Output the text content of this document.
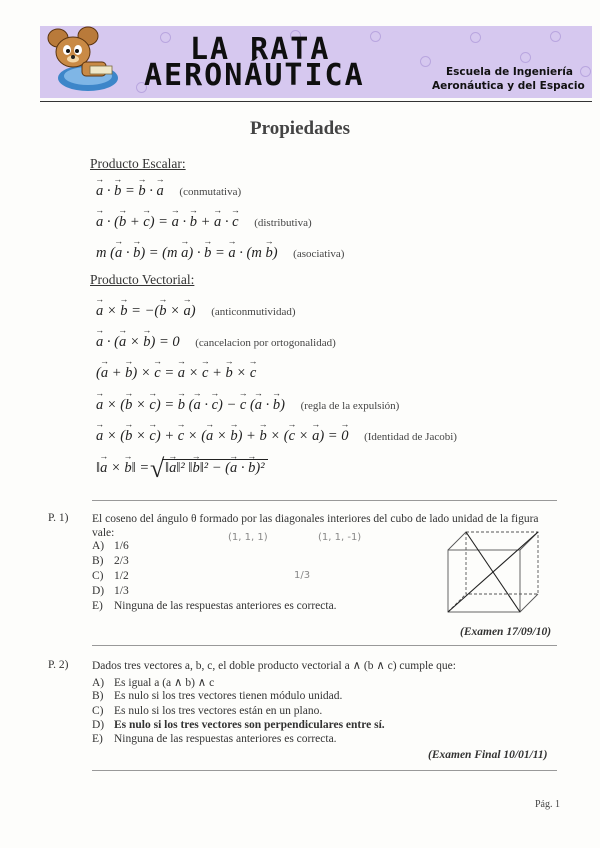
LA RATA
AERONÁUTICA	Escuela de Ingeniería
Aeronáutica y del Espacio
Propiedades
Producto Escalar:
→ a · → b = → b · → a (conmutativa)
→ a · (→ b + → c) = → a · → b + → a · → c (distributiva)
m (→ a · → b) = (m → a) · → b = → a · (m → b) (asociativa)
Producto Vectorial:
→ a × → b = −(→ b × → a) (anticonmutividad)
→ a · (→ a × → b) = 0 (cancelacion por ortogonalidad)
(→ a + → b) × → c = → a × → c + → b × → c
→ a × (→ b × → c) = → b (→ a · → c) − → c (→ a · → b) (regla de la expulsión)
→ a × (→ b × → c) + → c × (→ a × → b) + → b × (→ c × → a) = → 0 (Identidad de Jacobi)
‖→ a × → b‖ =   √ ‖→ a‖² ‖→ b‖² − (→ a · → b)²
P. 1) El coseno del ángulo θ formado por las diagonales interiores del cubo de lado unidad de la figura vale:
A) 1/6
B) 2/3
C) 1/2
D) 1/3
E) Ninguna de las respuestas anteriores es correcta.
(1, 1, 1)	(1, 1, -1)
1/3
(Examen 17/09/10)
P. 2) Dados tres vectores a, b, c, el doble producto vectorial a ∧ (b ∧ c) cumple que:
A) Es igual a (a ∧ b) ∧ c
B) Es nulo si los tres vectores tienen módulo unidad.
C) Es nulo si los tres vectores están en un plano.
D) Es nulo si los tres vectores son perpendiculares entre sí.
E) Ninguna de las respuestas anteriores es correcta.
(Examen Final 10/01/11)
Pág. 1
